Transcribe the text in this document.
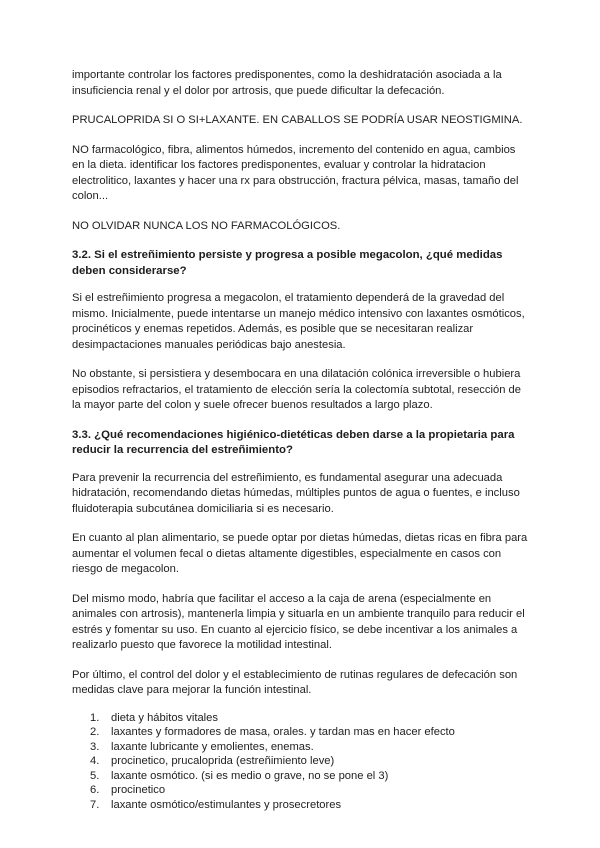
importante controlar los factores predisponentes, como la deshidratación asociada a la insuficiencia renal y el dolor por artrosis, que puede dificultar la defecación.

PRUCALOPRIDA SI O SI+LAXANTE. EN CABALLOS SE PODRÍA USAR NEOSTIGMINA.

NO farmacológico, fibra, alimentos húmedos, incremento del contenido en agua, cambios en la dieta. identificar los factores predisponentes, evaluar y controlar la hidratacion electrolitico, laxantes y hacer una rx para obstrucción, fractura pélvica, masas, tamaño del colon...

NO OLVIDAR NUNCA LOS NO FARMACOLÓGICOS.

3.2. Si el estreñimiento persiste y progresa a posible megacolon, ¿qué medidas deben considerarse?

Si el estreñimiento progresa a megacolon, el tratamiento dependerá de la gravedad del mismo. Inicialmente, puede intentarse un manejo médico intensivo con laxantes osmóticos, procinéticos y enemas repetidos. Además, es posible que se necesitaran realizar desimpactaciones manuales periódicas bajo anestesia.

No obstante, si persistiera y desembocara en una dilatación colónica irreversible o hubiera episodios refractarios, el tratamiento de elección sería la colectomía subtotal, resección de la mayor parte del colon y suele ofrecer buenos resultados a largo plazo.

3.3. ¿Qué recomendaciones higiénico-dietéticas deben darse a la propietaria para reducir la recurrencia del estreñimiento?

Para prevenir la recurrencia del estreñimiento, es fundamental asegurar una adecuada hidratación, recomendando dietas húmedas, múltiples puntos de agua o fuentes, e incluso fluidoterapia subcutánea domiciliaria si es necesario.

En cuanto al plan alimentario, se puede optar por dietas húmedas, dietas ricas en fibra para aumentar el volumen fecal o dietas altamente digestibles, especialmente en casos con riesgo de megacolon.

Del mismo modo, habría que facilitar el acceso a la caja de arena (especialmente en animales con artrosis), mantenerla limpia y situarla en un ambiente tranquilo para reducir el estrés y fomentar su uso. En cuanto al ejercicio físico, se debe incentivar a los animales a realizarlo puesto que favorece la motilidad intestinal.

Por último, el control del dolor y el establecimiento de rutinas regulares de defecación son medidas clave para mejorar la función intestinal.

1.	dieta y hábitos vitales
2.	laxantes y formadores de masa, orales. y tardan mas en hacer efecto
3.	laxante lubricante y emolientes, enemas.
4.	procinetico, prucaloprida (estreñimiento leve)
5.	laxante osmótico. (si es medio o grave, no se pone el 3)
6.	procinetico
7.	laxante osmótico/estimulantes y prosecretores
